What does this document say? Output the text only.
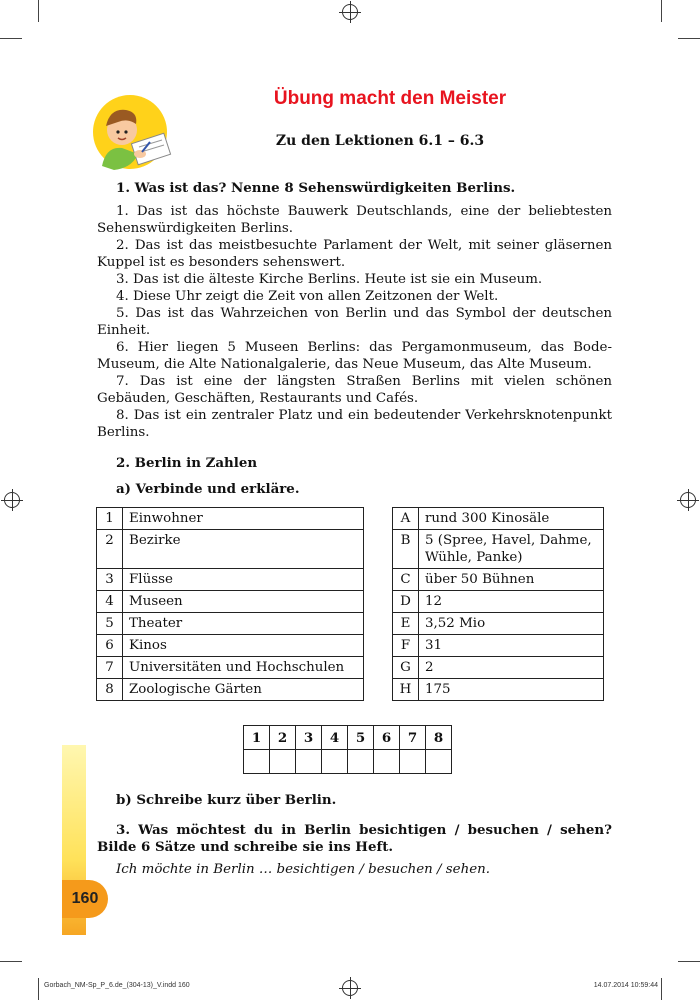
160
Übung macht den Meister
Zu den Lektionen 6.1 – 6.3
1. Was ist das? Nenne 8 Sehenswürdigkeiten Berlins.
1. Das ist das höchste Bauwerk Deutschlands, eine der beliebtesten Sehenswürdigkeiten Berlins.
2. Das ist das meistbesuchte Parlament der Welt, mit seiner gläsernen Kuppel ist es besonders sehenswert.
3. Das ist die älteste Kirche Berlins. Heute ist sie ein Museum.
4. Diese Uhr zeigt die Zeit von allen Zeitzonen der Welt.
5. Das ist das Wahrzeichen von Berlin und das Symbol der deutschen Einheit.
6. Hier liegen 5 Museen Berlins: das Pergamonmuseum, das Bode-Museum, die Alte Nationalgalerie, das Neue Museum, das Alte Museum.
7. Das ist eine der längsten Straßen Berlins mit vielen schönen Gebäuden, Geschäften, Restaurants und Cafés.
8. Das ist ein zentraler Platz und ein bedeutender Verkehrsknotenpunkt Berlins.
2. Berlin in Zahlen
a) Verbinde und erkläre.
1	Einwohner
2	Bezirke
3	Flüsse
4	Museen
5	Theater
6	Kinos
7	Universitäten und Hochschulen
8	Zoologische Gärten
A	rund 300 Kinosäle
B	5 (Spree, Havel, Dahme, Wühle, Panke)
C	über 50 Bühnen
D	12
E	3,52 Mio
F	31
G	2
H	175
1	2	3	4	5	6	7	8

b) Schreibe kurz über Berlin.
3. Was möchtest du in Berlin besichtigen / besuchen / sehen? Bilde 6 Sätze und schreibe sie ins Heft.
Ich möchte in Berlin … besichtigen / besuchen / sehen.
Gorbach_NM-Sp_P_6.de_(304-13)_V.indd 160	14.07.2014 10:59:44
